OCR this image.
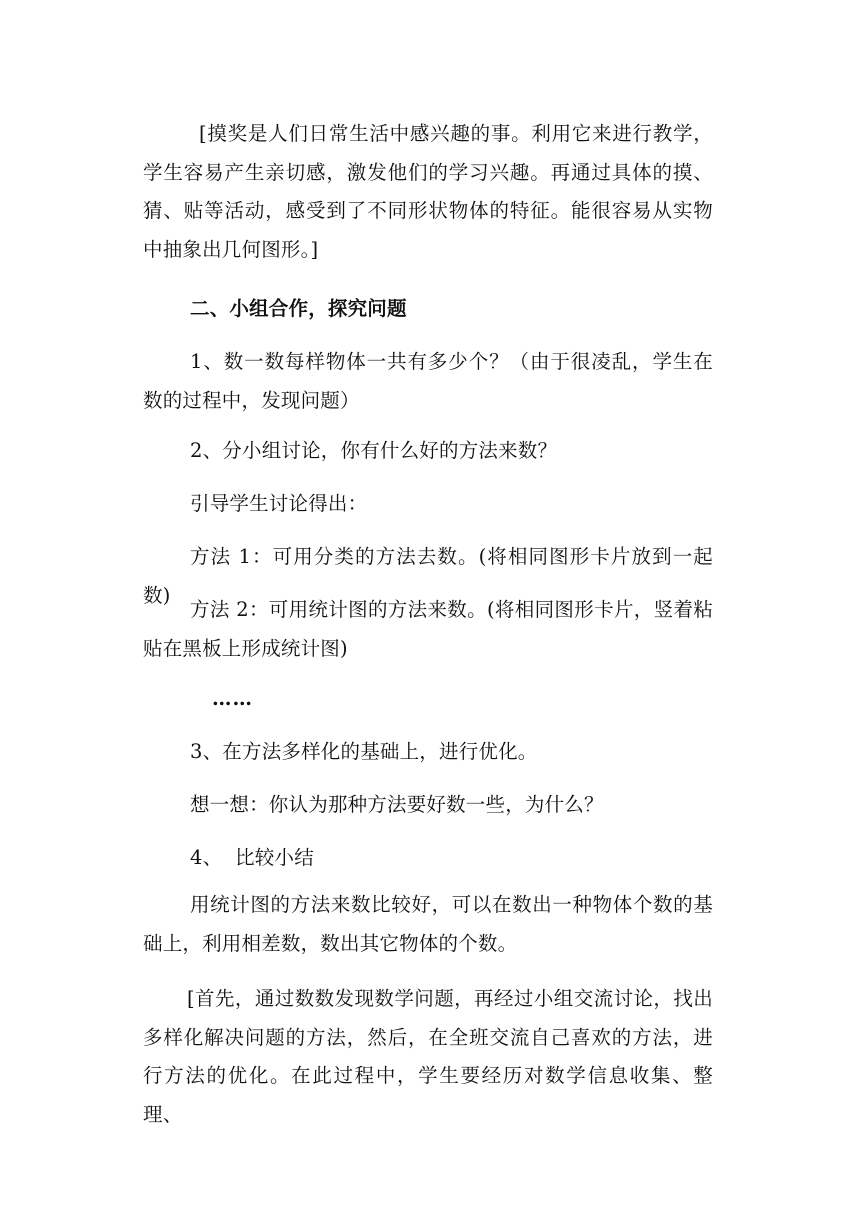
[摸奖是人们日常生活中感兴趣的事。利用它来进行教学，学生容易产生亲切感，激发他们的学习兴趣。再通过具体的摸、猜、贴等活动，感受到了不同形状物体的特征。能很容易从实物中抽象出几何图形。]
二、小组合作，探究问题
1、数一数每样物体一共有多少个？（由于很凌乱，学生在数的过程中，发现问题）
2、分小组讨论，你有什么好的方法来数？
引导学生讨论得出：
方法 1：可用分类的方法去数。(将相同图形卡片放到一起数)
方法 2：可用统计图的方法来数。(将相同图形卡片，竖着粘贴在黑板上形成统计图)
……
3、在方法多样化的基础上，进行优化。
想一想：你认为那种方法要好数一些，为什么？
4、  比较小结
用统计图的方法来数比较好，可以在数出一种物体个数的基础上，利用相差数，数出其它物体的个数。
[首先，通过数数发现数学问题，再经过小组交流讨论，找出多样化解决问题的方法，然后，在全班交流自己喜欢的方法，进行方法的优化。在此过程中，学生要经历对数学信息收集、整理、
